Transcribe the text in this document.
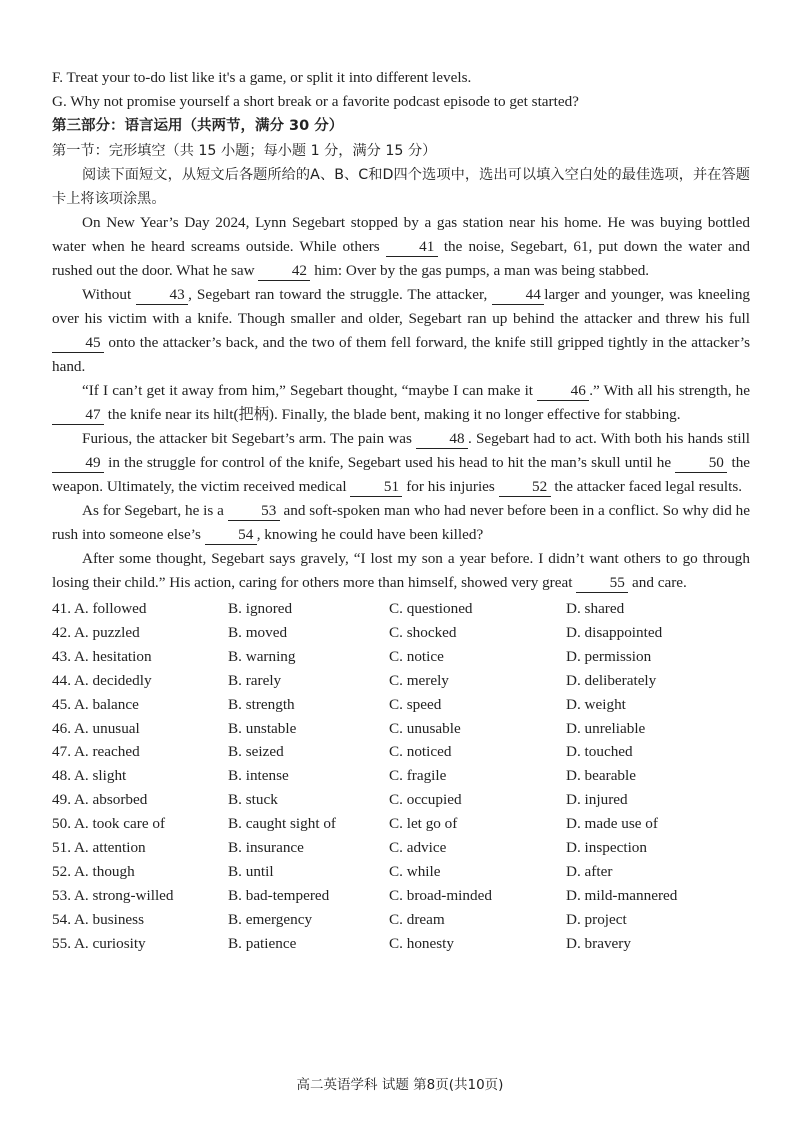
F. Treat your to-do list like it's a game, or split it into different levels.
G. Why not promise yourself a short break or a favorite podcast episode to get started?
第三部分：语言运用（共两节，满分 30 分）
第一节：完形填空（共 15 小题；每小题 1 分，满分 15 分）
阅读下面短文，从短文后各题所给的A、B、C和D四个选项中，选出可以填入空白处的最佳选项，并在答题卡上将该项涂黑。
On New Year’s Day 2024, Lynn Segebart stopped by a gas station near his home. He was buying bottled water when he heard screams outside. While others	41 the noise, Segebart, 61, put down the water and rushed out the door. What he saw 42 him: Over by the gas pumps, a man was being stabbed.
Without	43 , Segebart ran toward the struggle. The attacker,	44 larger and younger, was kneeling over his victim with a knife. Though smaller and older, Segebart ran up behind the attacker and threw his full 45 onto the attacker’s back, and the two of them fell forward, the knife still gripped tightly in the attacker’s hand.
“If I can’t get it away from him,” Segebart thought, “maybe I can make it 46 .” With all his strength, he 47 the knife near its hilt(把柄). Finally, the blade bent, making it no longer effective for stabbing.
Furious, the attacker bit Segebart’s arm. The pain was 48 . Segebart had to act. With both his hands still 49 in the struggle for control of the knife, Segebart used his head to hit the man’s skull until he 50 the weapon. Ultimately, the victim received medical 51 for his injuries 52 the attacker faced legal results.
As for Segebart, he is a 53 and soft-spoken man who had never before been in a conflict. So why did he rush into someone else’s 54 , knowing he could have been killed?
After some thought, Segebart says gravely, “I lost my son a year before. I didn’t want others to go through losing their child.” His action, caring for others more than himself, showed very great 55 and care.
41. A. followed	B. ignored	C. questioned	D. shared
42. A. puzzled	B. moved	C. shocked	D. disappointed
43. A. hesitation	B. warning	C. notice	D. permission
44. A. decidedly	B. rarely	C. merely	D. deliberately
45. A. balance	B. strength	C. speed	D. weight
46. A. unusual	B. unstable	C. unusable	D. unreliable
47. A. reached	B. seized	C. noticed	D. touched
48. A. slight	B. intense	C. fragile	D. bearable
49. A. absorbed	B. stuck	C. occupied	D. injured
50. A. took care of	B. caught sight of	C. let go of	D. made use of
51. A. attention	B. insurance	C. advice	D. inspection
52. A. though	B. until	C. while	D. after
53. A. strong-willed	B. bad-tempered	C. broad-minded	D. mild-mannered
54. A. business	B. emergency	C. dream	D. project
55. A. curiosity	B. patience	C. honesty	D. bravery
高二英语学科 试题 第8页(共10页)
